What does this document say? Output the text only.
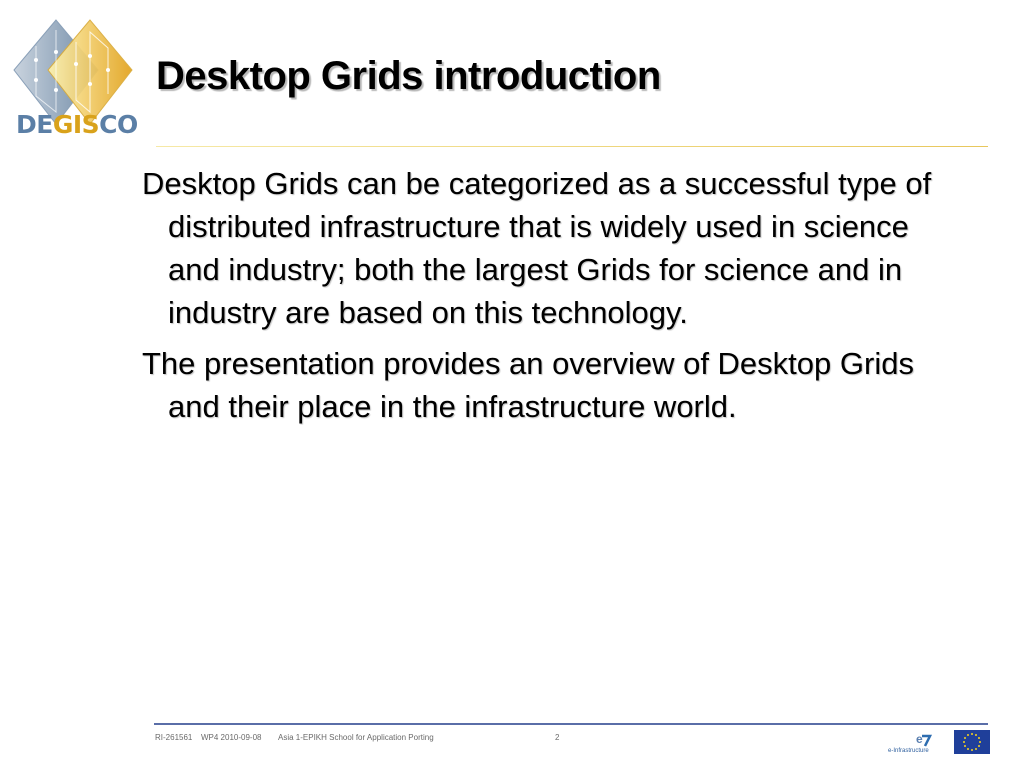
DEGISCO
Desktop Grids introduction

Desktop Grids can be categorized as a successful type of distributed infrastructure that is widely used in science and industry; both the largest Grids for science and in industry are based on this technology.

The presentation provides an overview of Desktop Grids and their place in the infrastructure world.

RI-261561 WP4 2010-09-08 Asia 1-EPIKH School for Application Porting	2	e
e-Infrastructure
